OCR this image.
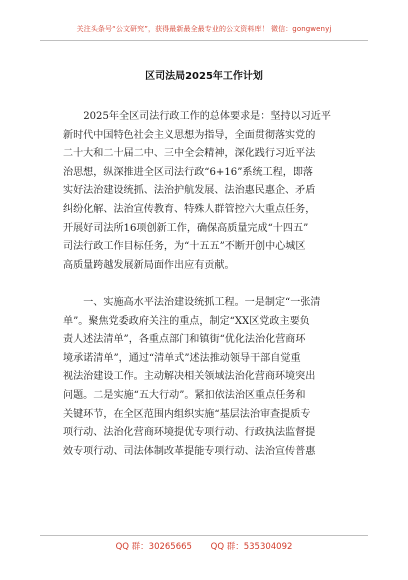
关注头条号“公文研究”，获得最新最全最专业的公文资料库！ 微信：gongwenyj
区司法局2025年工作计划
2025年全区司法行政工作的总体要求是：坚持以习近平
新时代中国特色社会主义思想为指导，全面贯彻落实党的
二十大和二十届二中、三中全会精神，深化践行习近平法
治思想，纵深推进全区司法行政“6+16”系统工程，即落
实好法治建设统抓、法治护航发展、法治惠民惠企、矛盾
纠纷化解、法治宣传教育、特殊人群管控六大重点任务，
开展好司法所16项创新工作，确保高质量完成“十四五”
司法行政工作目标任务，为“十五五”不断开创中心城区
高质量跨越发展新局面作出应有贡献。
一、实施高水平法治建设统抓工程。一是制定“一张清
单”。聚焦党委政府关注的重点，制定“XX区党政主要负
责人述法清单”，各重点部门和镇街“优化法治化营商环
境承诺清单”，通过“清单式”述法推动领导干部自觉重
视法治建设工作。主动解决相关领域法治化营商环境突出
问题。二是实施“五大行动”。紧扣依法治区重点任务和
关键环节，在全区范围内组织实施“基层法治审查提质专
项行动、法治化营商环境提优专项行动、行政执法监督提
效专项行动、司法体制改革提能专项行动、法治宣传普惠
QQ 群：30265665 QQ 群：535304092
